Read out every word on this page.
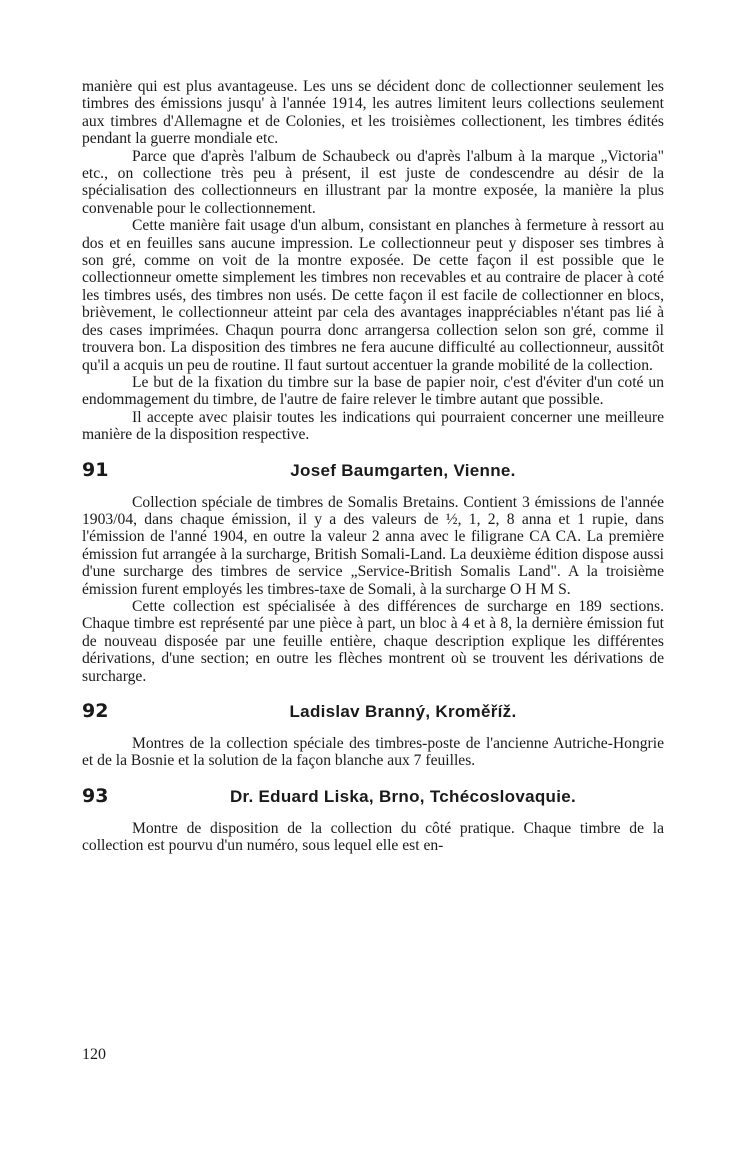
manière qui est plus avantageuse. Les uns se décident donc de collectionner seulement les timbres des émissions jusqu' à l'année 1914, les autres limitent leurs collections seulement aux timbres d'Allemagne et de Colonies, et les troisièmes collectionent, les timbres édités pendant la guerre mondiale etc.

Parce que d'après l'album de Schaubeck ou d'après l'album à la marque „Victoria" etc., on collectione très peu à présent, il est juste de condescendre au désir de la spécialisation des collectionneurs en illustrant par la montre exposée, la manière la plus convenable pour le collectionnement.

Cette manière fait usage d'un album, consistant en planches à fermeture à ressort au dos et en feuilles sans aucune impression. Le collectionneur peut y disposer ses timbres à son gré, comme on voit de la montre exposée. De cette façon il est possible que le collectionneur omette simplement les timbres non recevables et au contraire de placer à coté les timbres usés, des timbres non usés. De cette façon il est facile de collectionner en blocs, brièvement, le collectionneur atteint par cela des avantages inappréciables n'étant pas lié à des cases imprimées. Chaqun pourra donc arrangersa collection selon son gré, comme il trouvera bon. La disposition des timbres ne fera aucune difficulté au collectionneur, aussitôt qu'il a acquis un peu de routine. Il faut surtout accentuer la grande mobilité de la collection.

Le but de la fixation du timbre sur la base de papier noir, c'est d'éviter d'un coté un endommagement du timbre, de l'autre de faire relever le timbre autant que possible.

Il accepte avec plaisir toutes les indications qui pourraient concerner une meilleure manière de la disposition respective.

91	Josef Baumgarten, Vienne.

Collection spéciale de timbres de Somalis Bretains. Contient 3 émissions de l'année 1903/04, dans chaque émission, il y a des valeurs de ½, 1, 2, 8 anna et 1 rupie, dans l'émission de l'anné 1904, en outre la valeur 2 anna avec le filigrane CA CA. La première émission fut arrangée à la surcharge, British Somali-Land. La deuxième édition dispose aussi d'une surcharge des timbres de service „Service-British Somalis Land". A la troisième émission furent employés les timbres-taxe de Somali, à la surcharge O H M S.

Cette collection est spécialisée à des différences de surcharge en 189 sections. Chaque timbre est représenté par une pièce à part, un bloc à 4 et à 8, la dernière émission fut de nouveau disposée par une feuille entière, chaque description explique les différentes dérivations, d'une section; en outre les flèches montrent où se trouvent les dérivations de surcharge.

92	Ladislav Branný, Kroměříž.

Montres de la collection spéciale des timbres-poste de l'ancienne Autriche-Hongrie et de la Bosnie et la solution de la façon blanche aux 7 feuilles.

93	Dr. Eduard Liska, Brno, Tchécoslovaquie.

Montre de disposition de la collection du côté pratique. Chaque timbre de la collection est pourvu d'un numéro, sous lequel elle est en-

120
